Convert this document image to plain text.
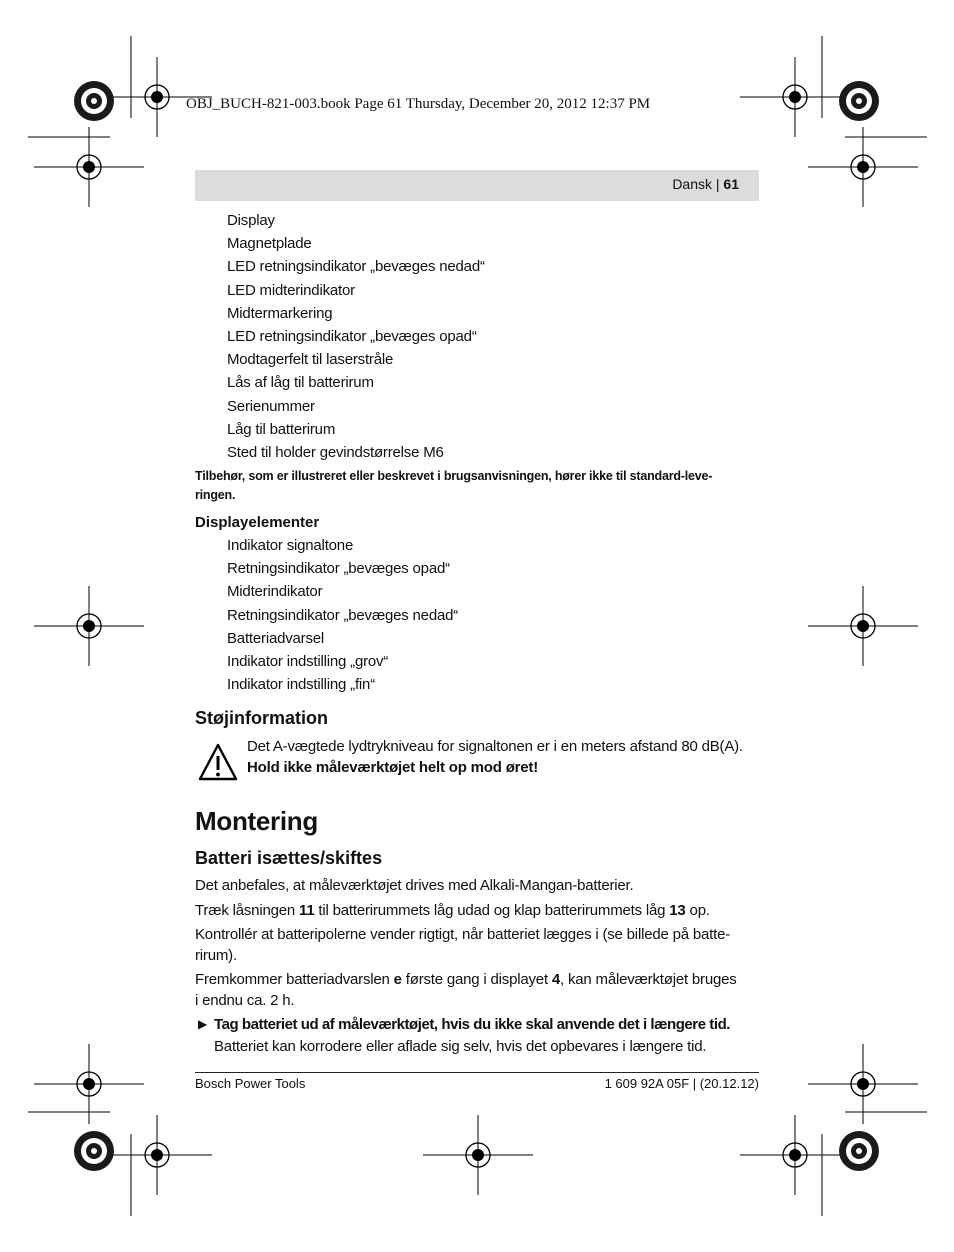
OBJ_BUCH-821-003.book Page 61 Thursday, December 20, 2012 12:37 PM
Dansk | 61
Display
Magnetplade
LED retningsindikator „bevæges nedad“
LED midterindikator
Midtermarkering
LED retningsindikator „bevæges opad“
Modtagerfelt til laserstråle
Lås af låg til batterirum
Serienummer
Låg til batterirum
Sted til holder gevindstørrelse M6
Tilbehør, som er illustreret eller beskrevet i brugsanvisningen, hører ikke til standard-leve-
ringen.
Displayelementer
Indikator signaltone
Retningsindikator „bevæges opad“
Midterindikator
Retningsindikator „bevæges nedad“
Batteriadvarsel
Indikator indstilling „grov“
Indikator indstilling „fin“
Støjinformation
Det A-vægtede lydtrykniveau for signaltonen er i en meters afstand 80 dB(A).
Hold ikke måleværktøjet helt op mod øret!
Montering
Batteri isættes/skiftes
Det anbefales, at måleværktøjet drives med Alkali-Mangan-batterier.
Træk låsningen 11 til batterirummets låg udad og klap batterirummets låg 13 op.
Kontrollér at batteripolerne vender rigtigt, når batteriet lægges i (se billede på batte-
rirum).
Fremkommer batteriadvarslen e første gang i displayet 4, kan måleværktøjet bruges
i endnu ca. 2 h.
▶ Tag batteriet ud af måleværktøjet, hvis du ikke skal anvende det i længere tid.
Batteriet kan korrodere eller aflade sig selv, hvis det opbevares i længere tid.
Bosch Power Tools	1 609 92A 05F | (20.12.12)
